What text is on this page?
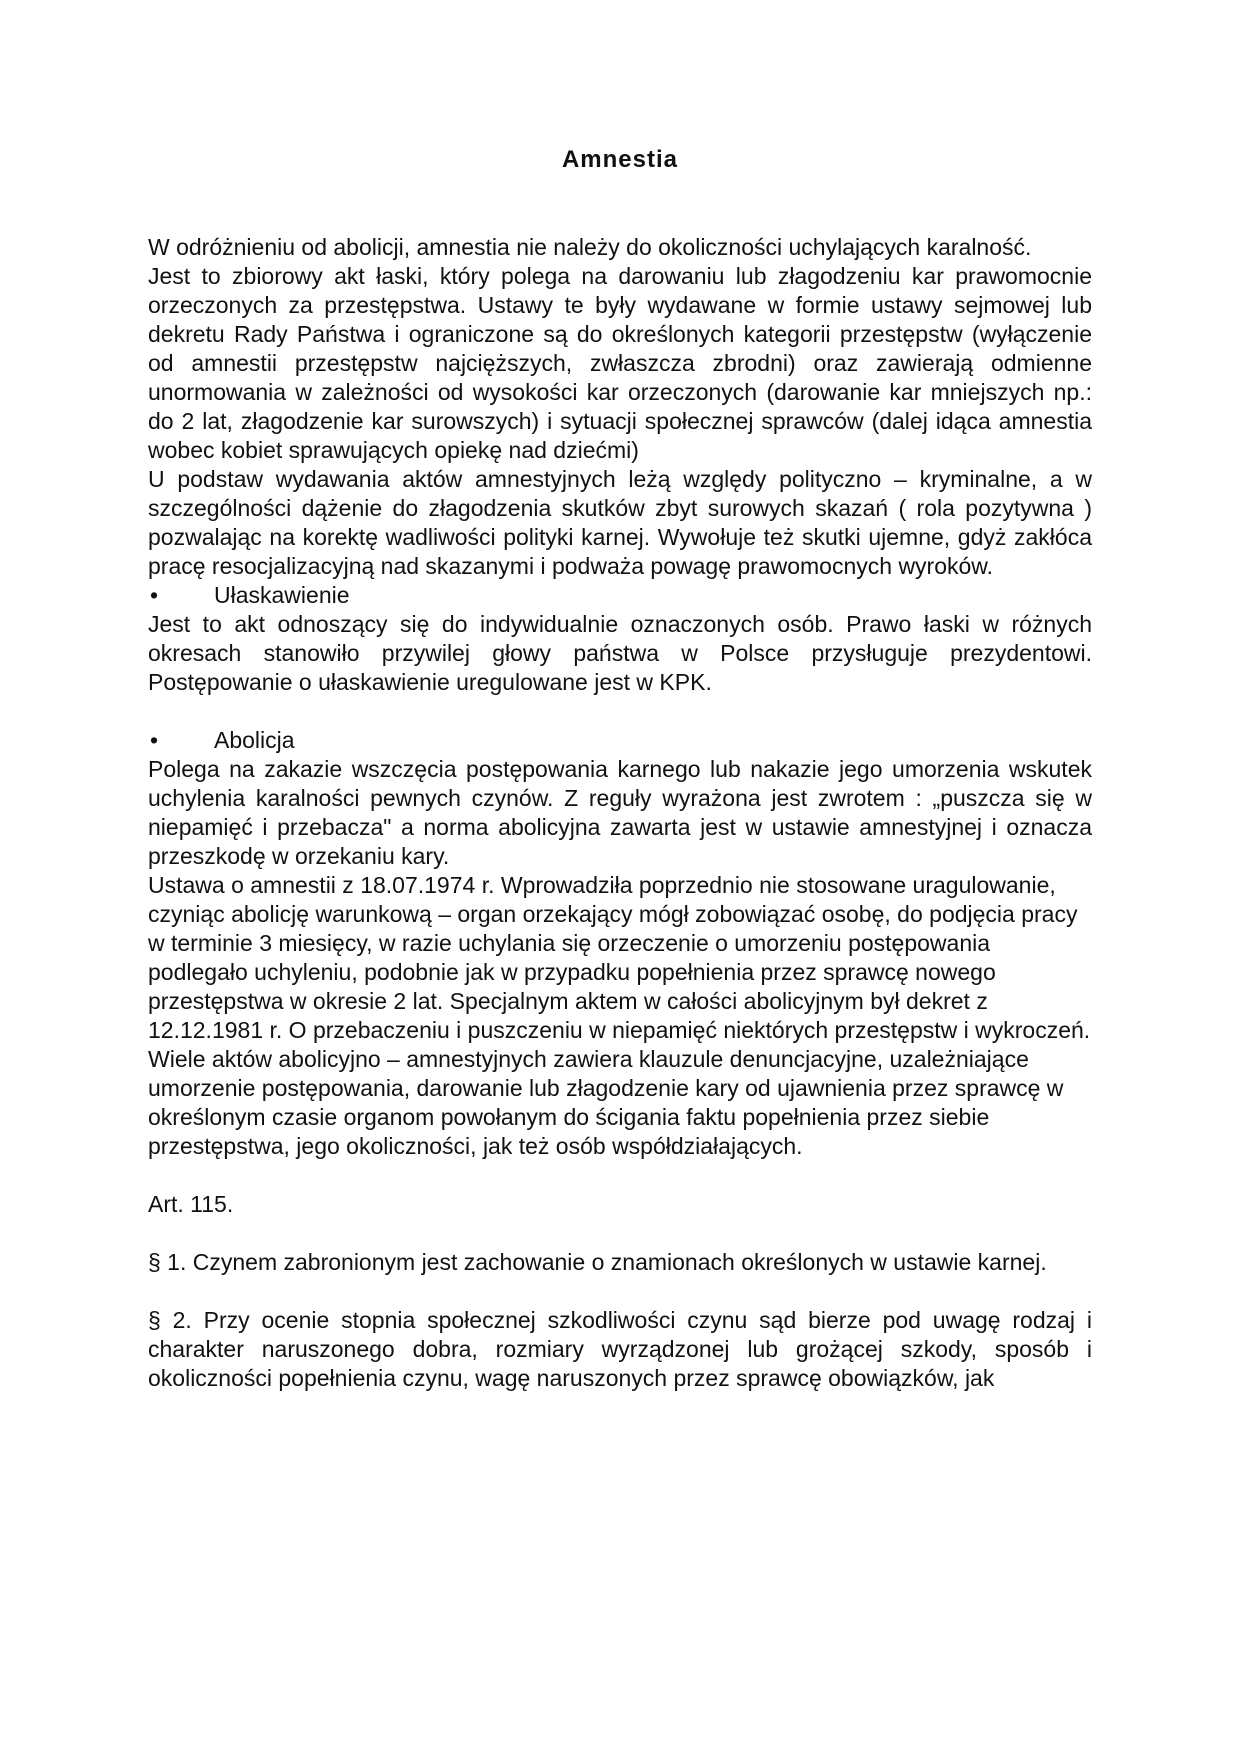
Amnestia

W odróżnieniu od abolicji, amnestia nie należy do okoliczności uchylających karalność.

Jest to zbiorowy akt łaski, który polega na darowaniu lub złagodzeniu kar prawomocnie orzeczonych za przestępstwa. Ustawy te były wydawane w formie ustawy sejmowej lub dekretu Rady Państwa i ograniczone są do określonych kategorii przestępstw (wyłączenie od amnestii przestępstw najcięższych, zwłaszcza zbrodni) oraz zawierają odmienne unormowania w zależności od wysokości kar orzeczonych (darowanie kar mniejszych np.: do 2 lat, złagodzenie kar surowszych) i sytuacji społecznej sprawców (dalej idąca amnestia wobec kobiet sprawujących opiekę nad dziećmi)

U podstaw wydawania aktów amnestyjnych leżą względy polityczno – kryminalne, a w szczególności dążenie do złagodzenia skutków zbyt surowych skazań ( rola pozytywna ) pozwalając na korektę wadliwości polityki karnej. Wywołuje też skutki ujemne, gdyż zakłóca pracę resocjalizacyjną nad skazanymi i podważa powagę prawomocnych wyroków.

•	Ułaskawienie

Jest to akt odnoszący się do indywidualnie oznaczonych osób. Prawo łaski w różnych okresach stanowiło przywilej głowy państwa w Polsce przysługuje prezydentowi. Postępowanie o ułaskawienie uregulowane jest w KPK.

•	Abolicja

Polega na zakazie wszczęcia postępowania karnego lub nakazie jego umorzenia wskutek uchylenia karalności pewnych czynów. Z reguły wyrażona jest zwrotem : „puszcza się w niepamięć i przebacza" a norma abolicyjna zawarta jest w ustawie amnestyjnej i oznacza przeszkodę w orzekaniu kary.

Ustawa o amnestii z 18.07.1974 r. Wprowadziła poprzednio nie stosowane uragulowanie, czyniąc abolicję warunkową – organ orzekający mógł zobowiązać osobę, do podjęcia pracy w terminie 3 miesięcy, w razie uchylania się orzeczenie o umorzeniu postępowania podlegało uchyleniu, podobnie jak w przypadku popełnienia przez sprawcę nowego przestępstwa w okresie 2 lat. Specjalnym aktem w całości abolicyjnym był dekret z 12.12.1981 r. O przebaczeniu i puszczeniu w niepamięć niektórych przestępstw i wykroczeń.

Wiele aktów abolicyjno – amnestyjnych zawiera klauzule denuncjacyjne, uzależniające umorzenie postępowania, darowanie lub złagodzenie kary od ujawnienia przez sprawcę w określonym czasie organom powołanym do ścigania faktu popełnienia przez siebie przestępstwa, jego okoliczności, jak też osób współdziałających.

Art. 115.

§ 1. Czynem zabronionym jest zachowanie o znamionach określonych w ustawie karnej.

§ 2. Przy ocenie stopnia społecznej szkodliwości czynu sąd bierze pod uwagę rodzaj i charakter naruszonego dobra, rozmiary wyrządzonej lub grożącej szkody, sposób i okoliczności popełnienia czynu, wagę naruszonych przez sprawcę obowiązków, jak
